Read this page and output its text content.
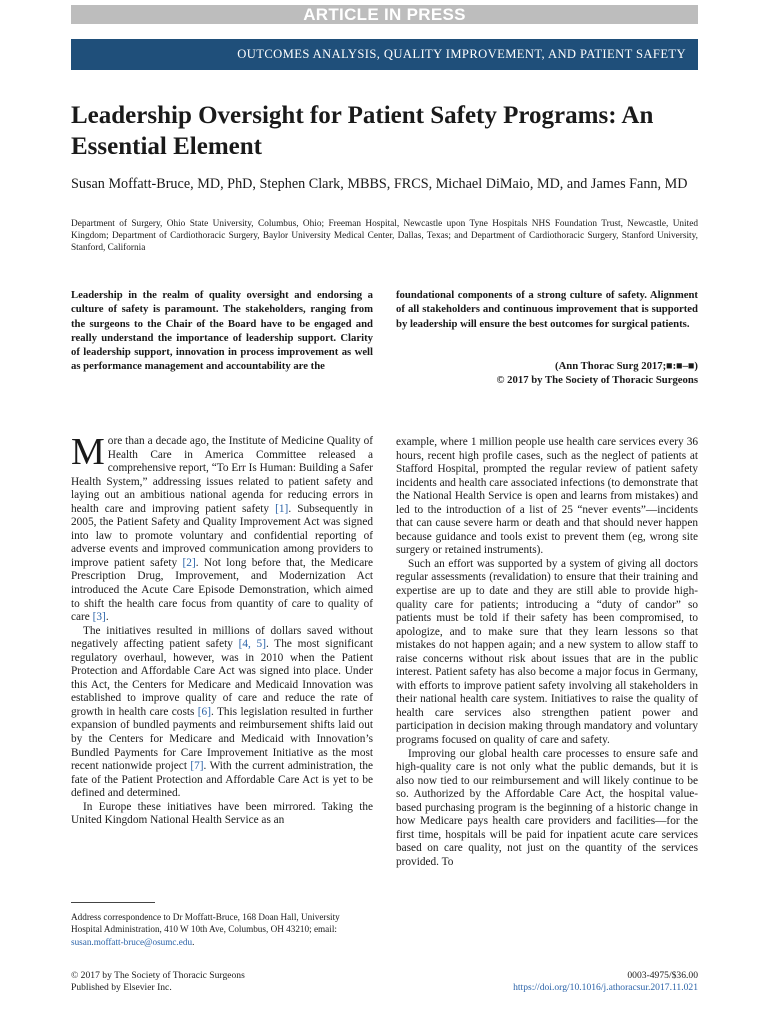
ARTICLE IN PRESS
OUTCOMES ANALYSIS, QUALITY IMPROVEMENT, AND PATIENT SAFETY
Leadership Oversight for Patient Safety Programs: An Essential Element
Susan Moffatt-Bruce, MD, PhD, Stephen Clark, MBBS, FRCS, Michael DiMaio, MD, and James Fann, MD
Department of Surgery, Ohio State University, Columbus, Ohio; Freeman Hospital, Newcastle upon Tyne Hospitals NHS Foundation Trust, Newcastle, United Kingdom; Department of Cardiothoracic Surgery, Baylor University Medical Center, Dallas, Texas; and Department of Cardiothoracic Surgery, Stanford University, Stanford, California
Leadership in the realm of quality oversight and endorsing a culture of safety is paramount. The stakeholders, ranging from the surgeons to the Chair of the Board have to be engaged and really understand the importance of leadership support. Clarity of leadership support, innovation in process improvement as well as performance management and accountability are the
foundational components of a strong culture of safety. Alignment of all stakeholders and continuous improvement that is supported by leadership will ensure the best outcomes for surgical patients.
(Ann Thorac Surg 2017;■:■–■)
© 2017 by The Society of Thoracic Surgeons

More than a decade ago, the Institute of Medicine Quality of Health Care in America Committee released a comprehensive report, “To Err Is Human: Building a Safer Health System,” addressing issues related to patient safety and laying out an ambitious national agenda for reducing errors in health care and improving patient safety [1]. Subsequently in 2005, the Patient Safety and Quality Improvement Act was signed into law to promote voluntary and confidential reporting of adverse events and improved communication among providers to improve patient safety [2]. Not long before that, the Medicare Prescription Drug, Improvement, and Modernization Act introduced the Acute Care Episode Demonstration, which aimed to shift the health care focus from quantity of care to quality of care [3].

The initiatives resulted in millions of dollars saved without negatively affecting patient safety [4, 5]. The most significant regulatory overhaul, however, was in 2010 when the Patient Protection and Affordable Care Act was signed into place. Under this Act, the Centers for Medicare and Medicaid Innovation was established to improve quality of care and reduce the rate of growth in health care costs [6]. This legislation resulted in further expansion of bundled payments and reimbursement shifts laid out by the Centers for Medicare and Medicaid with Innovation’s Bundled Payments for Care Improvement Initiative as the most recent nationwide project [7]. With the current administration, the fate of the Patient Protection and Affordable Care Act is yet to be defined and determined.

In Europe these initiatives have been mirrored. Taking the United Kingdom National Health Service as an

example, where 1 million people use health care services every 36 hours, recent high profile cases, such as the neglect of patients at Stafford Hospital, prompted the regular review of patient safety incidents and health care associated infections (to demonstrate that the National Health Service is open and learns from mistakes) and led to the introduction of a list of 25 “never events”—incidents that can cause severe harm or death and that should never happen because guidance and tools exist to prevent them (eg, wrong site surgery or retained instruments).

Such an effort was supported by a system of giving all doctors regular assessments (revalidation) to ensure that their training and expertise are up to date and they are still able to provide high-quality care for patients; introducing a “duty of candor” so patients must be told if their safety has been compromised, to apologize, and to make sure that they learn lessons so that mistakes do not happen again; and a new system to allow staff to raise concerns without risk about issues that are in the public interest. Patient safety has also become a major focus in Germany, with efforts to improve patient safety involving all stakeholders in their national health care system. Initiatives to raise the quality of health care services also strengthen patient power and participation in decision making through mandatory and voluntary programs focused on quality of care and safety.

Improving our global health care processes to ensure safe and high-quality care is not only what the public demands, but it is also now tied to our reimbursement and will likely continue to be so. Authorized by the Affordable Care Act, the hospital value-based purchasing program is the beginning of a historic change in how Medicare pays health care providers and facilities—for the first time, hospitals will be paid for inpatient acute care services based on care quality, not just on the quantity of the services provided. To

Address correspondence to Dr Moffatt-Bruce, 168 Doan Hall, University Hospital Administration, 410 W 10th Ave, Columbus, OH 43210; email: susan.moffatt-bruce@osumc.edu.
© 2017 by The Society of Thoracic Surgeons
Published by Elsevier Inc.
0003-4975/$36.00
https://doi.org/10.1016/j.athoracsur.2017.11.021
